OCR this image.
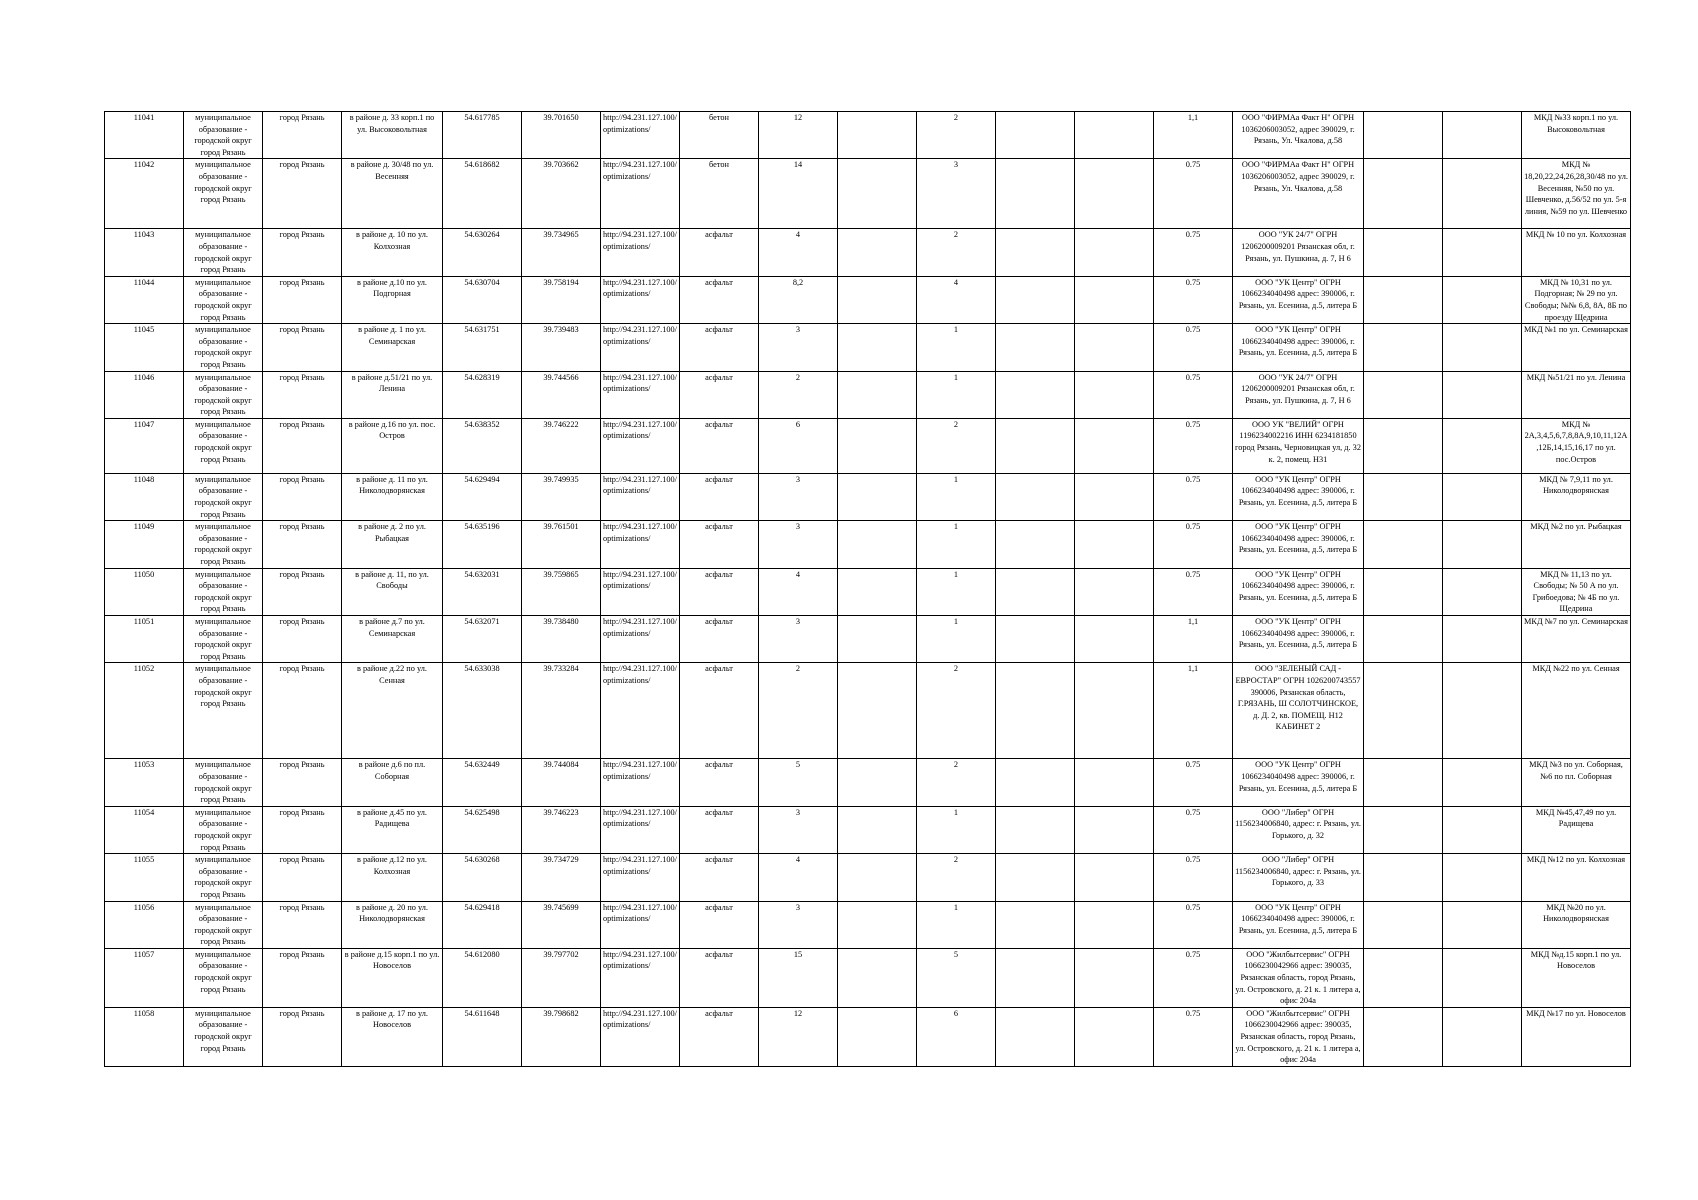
11041	муниципальное образование - городской округ город Рязань	город Рязань	в районе д. 33 корп.1 по ул. Высоковольтная	54.617785	39.701650	http://94.231.127.100/optimizations/	бетон	12		2			1,1	ООО "ФИРМАа Факт Н" ОГРН 1036206003052, адрес 390029, г. Рязань, Ул. Чкалова, д.58			МКД №33 корп.1 по ул. Высоковольтная
11042	муниципальное образование - городской округ город Рязань	город Рязань	в районе д. 30/48 по ул. Весенняя	54.618682	39.703662	http://94.231.127.100/optimizations/	бетон	14		3			0.75	ООО "ФИРМАа Факт Н" ОГРН 1036206003052, адрес 390029, г. Рязань, Ул. Чкалова, д.58			МКД № 18,20,22,24,26,28,30/48 по ул. Весенняя, №50 по ул. Шевченко, д.56/52 по ул. 5-я линия, №59 по ул. Шевченко
11043	муниципальное образование - городской округ город Рязань	город Рязань	в районе д. 10 по ул. Колхозная	54.630264	39.734965	http://94.231.127.100/optimizations/	асфальт	4		2			0.75	ООО "УК 24/7" ОГРН 1206200009201 Рязанская обл, г. Рязань, ул. Пушкина, д. 7, Н 6			МКД № 10 по ул. Колхозная
11044	муниципальное образование - городской округ город Рязань	город Рязань	в районе д.10 по ул. Подгорная	54.630704	39.758194	http://94.231.127.100/optimizations/	асфальт	8,2		4			0.75	ООО "УК Центр" ОГРН 1066234040498 адрес: 390006, г. Рязань, ул. Есенина, д.5, литера Б			МКД № 10,31 по ул. Подгорная; № 29 по ул. Свободы; №№ 6,8, 8А, 8Б по проезду Щедрина
11045	муниципальное образование - городской округ город Рязань	город Рязань	в районе д. 1 по ул. Семинарская	54.631751	39.739483	http://94.231.127.100/optimizations/	асфальт	3		1			0.75	ООО "УК Центр" ОГРН 1066234040498 адрес: 390006, г. Рязань, ул. Есенина, д.5, литера Б			МКД №1 по ул. Семинарская
11046	муниципальное образование - городской округ город Рязань	город Рязань	в районе д.51/21 по ул. Ленина	54.628319	39.744566	http://94.231.127.100/optimizations/	асфальт	2		1			0.75	ООО "УК 24/7" ОГРН 1206200009201 Рязанская обл, г. Рязань, ул. Пушкина, д. 7, Н 6			МКД №51/21 по ул. Ленина
11047	муниципальное образование - городской округ город Рязань	город Рязань	в районе д.16 по ул. пос. Остров	54.638352	39.746222	http://94.231.127.100/optimizations/	асфальт	6		2			0.75	ООО УК "ВЕЛИЙ" ОГРН 1196234002216 ИНН 6234181850 город Рязань, Черновицкая ул, д. 32 к. 2, помещ. Н31			МКД № 2А,3,4,5,6,7,8,8А,9,10,11,12А,12Б,14,15,16,17 по ул. пос.Остров
11048	муниципальное образование - городской округ город Рязань	город Рязань	в районе д. 11 по ул. Николодворянская	54.629494	39.749935	http://94.231.127.100/optimizations/	асфальт	3		1			0.75	ООО "УК Центр" ОГРН 1066234040498 адрес: 390006, г. Рязань, ул. Есенина, д.5, литера Б			МКД № 7,9,11 по ул. Николодворянская
11049	муниципальное образование - городской округ город Рязань	город Рязань	в районе д. 2 по ул. Рыбацкая	54.635196	39.761501	http://94.231.127.100/optimizations/	асфальт	3		1			0.75	ООО "УК Центр" ОГРН 1066234040498 адрес: 390006, г. Рязань, ул. Есенина, д.5, литера Б			МКД №2 по ул. Рыбацкая
11050	муниципальное образование - городской округ город Рязань	город Рязань	в районе д. 11, по ул. Свободы	54.632031	39.759865	http://94.231.127.100/optimizations/	асфальт	4		1			0.75	ООО "УК Центр" ОГРН 1066234040498 адрес: 390006, г. Рязань, ул. Есенина, д.5, литера Б			МКД № 11,13 по ул. Свободы; № 50 А по ул. Грибоедова; № 4Б по ул. Щедрина
11051	муниципальное образование - городской округ город Рязань	город Рязань	в районе д.7 по ул. Семинарская	54.632071	39.738480	http://94.231.127.100/optimizations/	асфальт	3		1			1,1	ООО "УК Центр" ОГРН 1066234040498 адрес: 390006, г. Рязань, ул. Есенина, д.5, литера Б			МКД №7 по ул. Семинарская
11052	муниципальное образование - городской округ город Рязань	город Рязань	в районе д.22 по ул. Сенная	54.633038	39.733284	http://94.231.127.100/optimizations/	асфальт	2		2			1,1	ООО "ЗЕЛЕНЫЙ САД - ЕВРОСТАР" ОГРН 1026200743557 390006, Рязанская область, Г.РЯЗАНЬ, Ш СОЛОТЧИНСКОЕ, д. Д. 2, кв. ПОМЕЩ. Н12 КАБИНЕТ 2			МКД №22 по ул. Сенная
11053	муниципальное образование - городской округ город Рязань	город Рязань	в районе д.6 по пл. Соборная	54.632449	39.744084	http://94.231.127.100/optimizations/	асфальт	5		2			0.75	ООО "УК Центр" ОГРН 1066234040498 адрес: 390006, г. Рязань, ул. Есенина, д.5, литера Б			МКД №3 по ул. Соборная, №6 по пл. Соборная
11054	муниципальное образование - городской округ город Рязань	город Рязань	в районе д.45 по ул. Радищева	54.625498	39.746223	http://94.231.127.100/optimizations/	асфальт	3		1			0.75	ООО "Либер" ОГРН 1156234006840, адрес: г. Рязань, ул. Горького, д. 32			МКД №45,47,49 по ул. Радищева
11055	муниципальное образование - городской округ город Рязань	город Рязань	в районе д.12 по ул. Колхозная	54.630268	39.734729	http://94.231.127.100/optimizations/	асфальт	4		2			0.75	ООО "Либер" ОГРН 1156234006840, адрес: г. Рязань, ул. Горького, д. 33			МКД №12 по ул. Колхозная
11056	муниципальное образование - городской округ город Рязань	город Рязань	в районе д. 20 по ул. Николодворянская	54.629418	39.745699	http://94.231.127.100/optimizations/	асфальт	3		1			0.75	ООО "УК Центр" ОГРН 1066234040498 адрес: 390006, г. Рязань, ул. Есенина, д.5, литера Б			МКД №20 по ул. Николодворянская
11057	муниципальное образование - городской округ город Рязань	город Рязань	в районе д.15 корп.1 по ул. Новоселов	54.612080	39.797702	http://94.231.127.100/optimizations/	асфальт	15		5			0.75	ООО "Жилбытсервис" ОГРН 1066230042966 адрес: 390035, Рязанская область, город Рязань, ул. Островского, д. 21 к. 1 литера а, офис 204а			МКД №д.15 корп.1 по ул. Новоселов
11058	муниципальное образование - городской округ город Рязань	город Рязань	в районе д. 17 по ул. Новоселов	54.611648	39.798682	http://94.231.127.100/optimizations/	асфальт	12		6			0.75	ООО "Жилбытсервис" ОГРН 1066230042966 адрес: 390035, Рязанская область, город Рязань, ул. Островского, д. 21 к. 1 литера а, офис 204а			МКД №17 по ул. Новоселов
